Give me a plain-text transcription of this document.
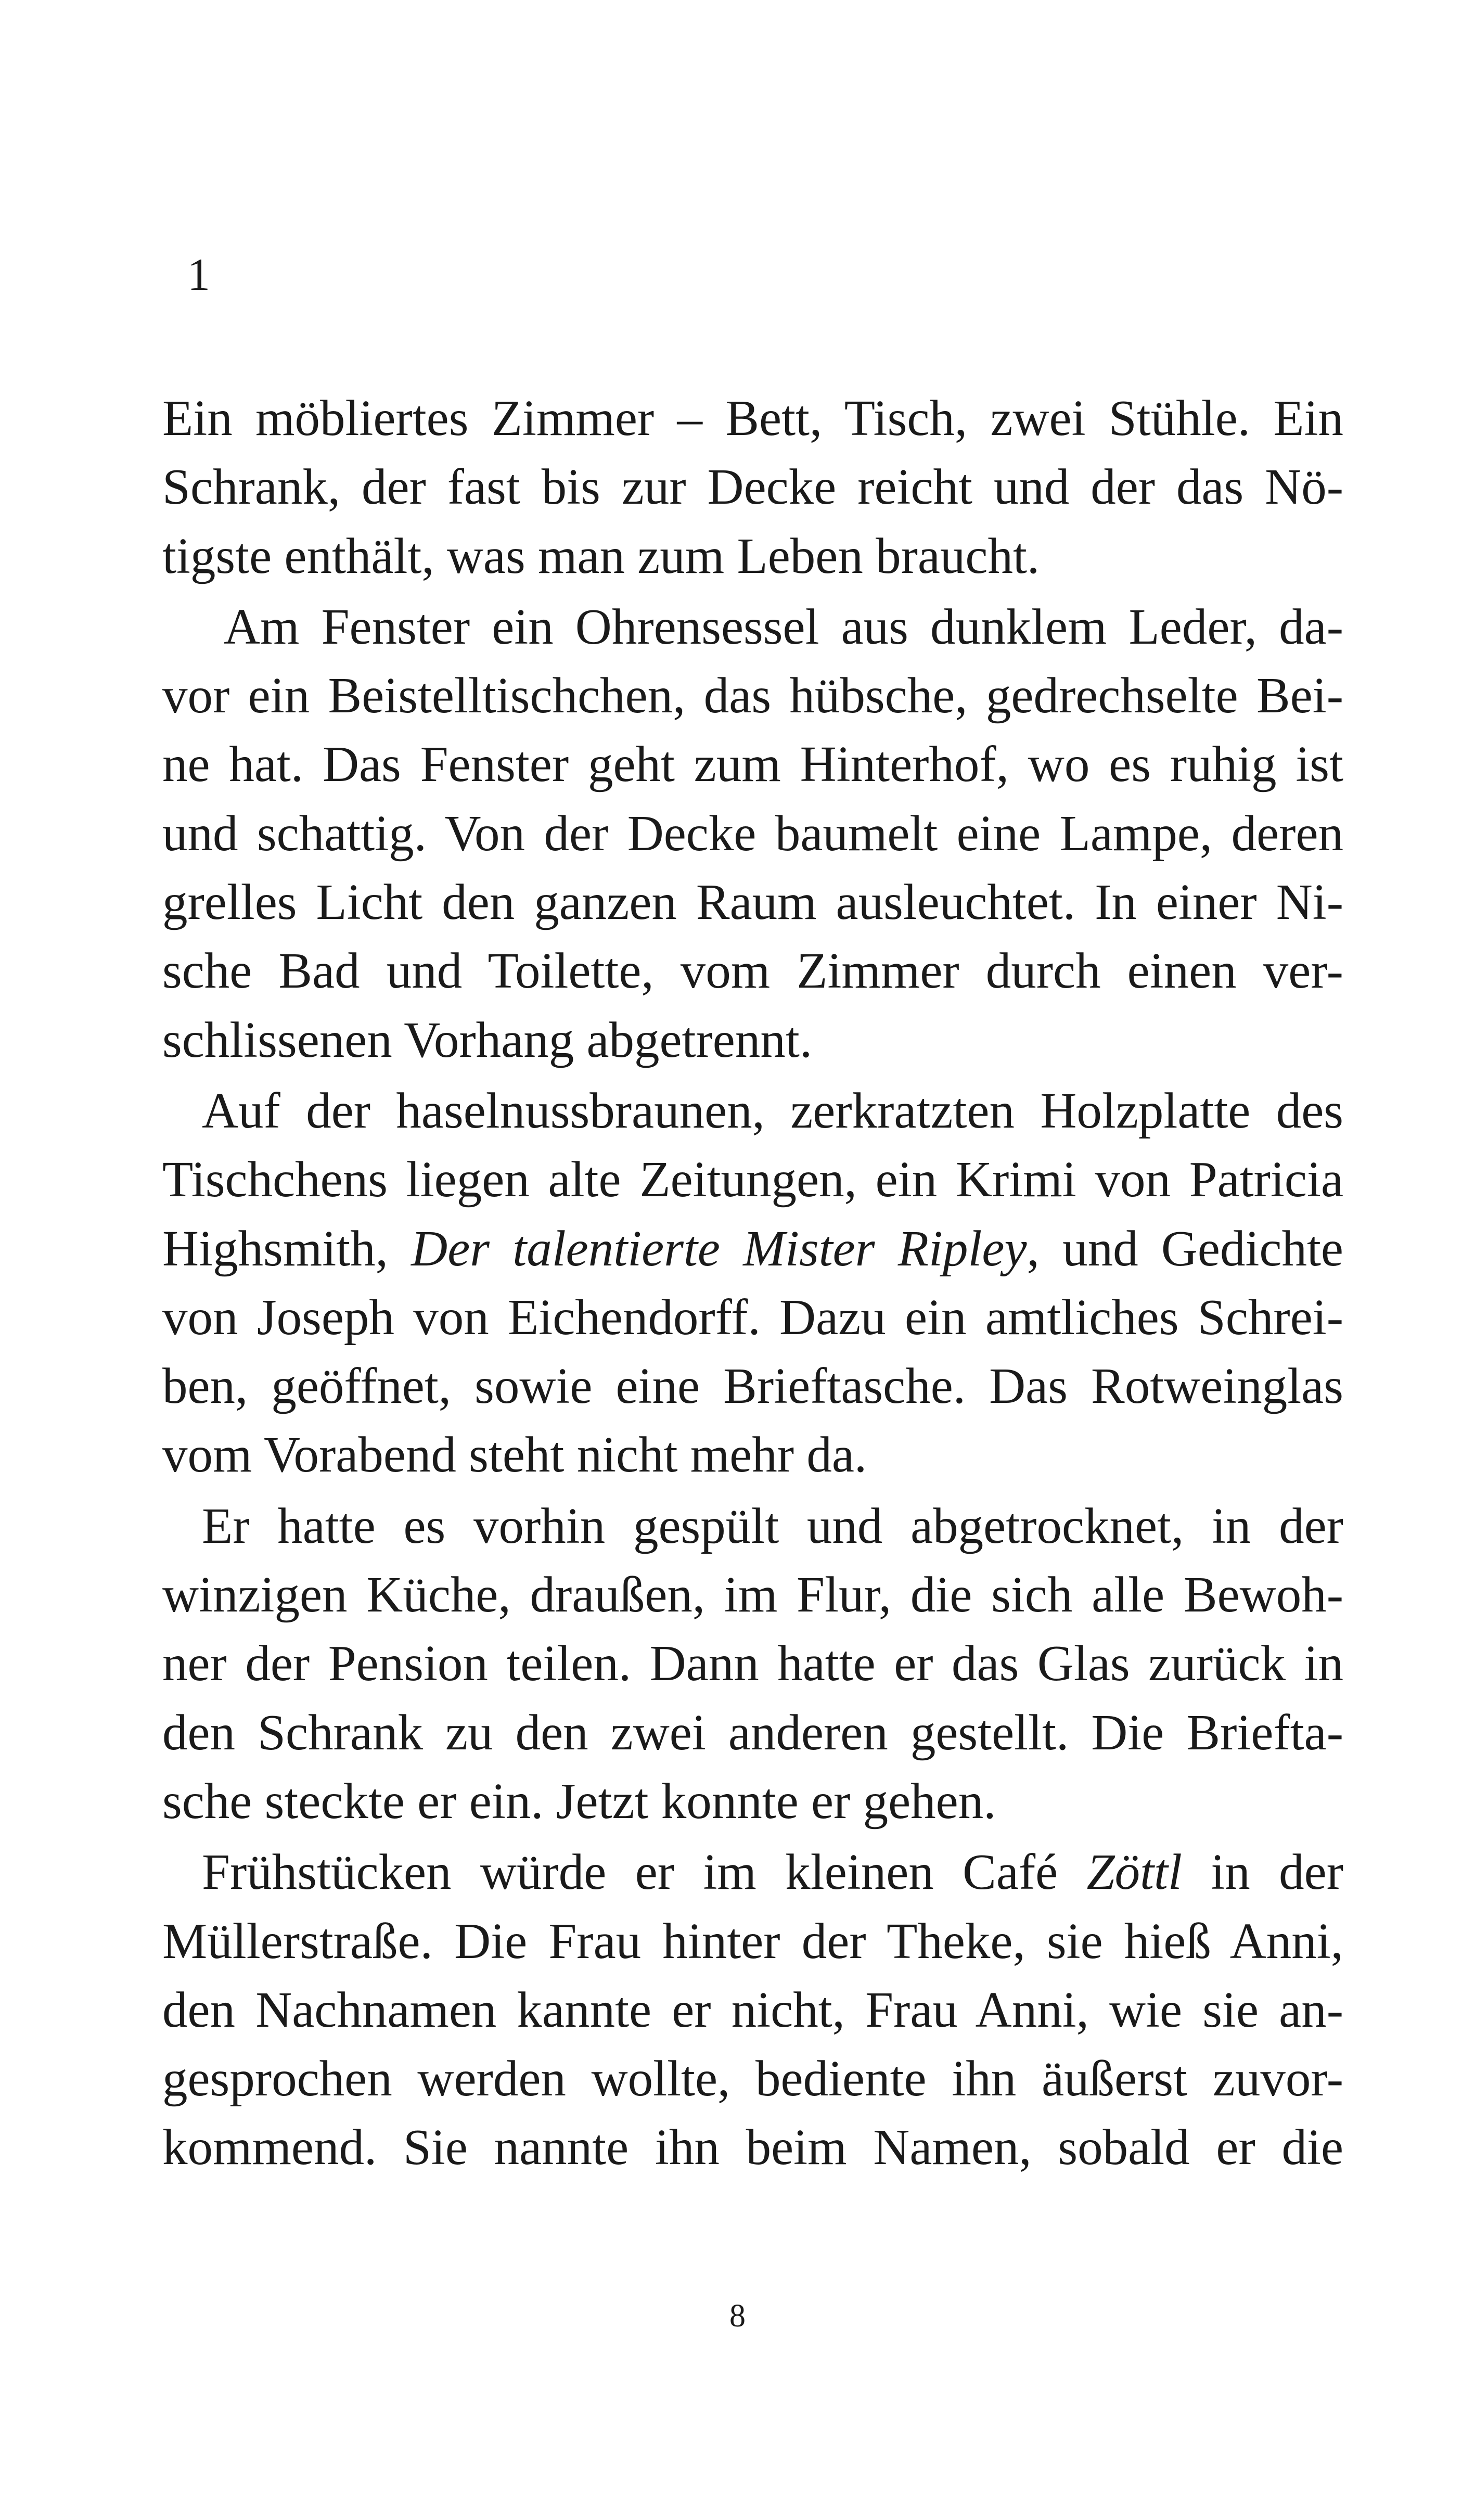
1
Ein möbliertes Zimmer – Bett, Tisch, zwei Stühle. Ein
Schrank, der fast bis zur Decke reicht und der das Nö-
tigste enthält, was man zum Leben braucht.
Am Fenster ein Ohrensessel aus dunklem Leder, da-
vor ein Beistelltischchen, das hübsche, gedrechselte Bei-
ne hat. Das Fenster geht zum Hinterhof, wo es ruhig ist
und schattig. Von der Decke baumelt eine Lampe, deren
grelles Licht den ganzen Raum ausleuchtet. In einer Ni-
sche Bad und Toilette, vom Zimmer durch einen ver-
schlissenen Vorhang abgetrennt.
Auf der haselnussbraunen, zerkratzten Holzplatte des
Tischchens liegen alte Zeitungen, ein Krimi von Patricia
Highsmith, Der talentierte Mister Ripley, und Gedichte
von Joseph von Eichendorff. Dazu ein amtliches Schrei-
ben, geöffnet, sowie eine Brieftasche. Das Rotweinglas
vom Vorabend steht nicht mehr da.
Er hatte es vorhin gespült und abgetrocknet, in der
winzigen Küche, draußen, im Flur, die sich alle Bewoh-
ner der Pension teilen. Dann hatte er das Glas zurück in
den Schrank zu den zwei anderen gestellt. Die Briefta-
sche steckte er ein. Jetzt konnte er gehen.
Frühstücken würde er im kleinen Café Zöttl in der
Müllerstraße. Die Frau hinter der Theke, sie hieß Anni,
den Nachnamen kannte er nicht, Frau Anni, wie sie an-
gesprochen werden wollte, bediente ihn äußerst zuvor-
kommend. Sie nannte ihn beim Namen, sobald er die
8
